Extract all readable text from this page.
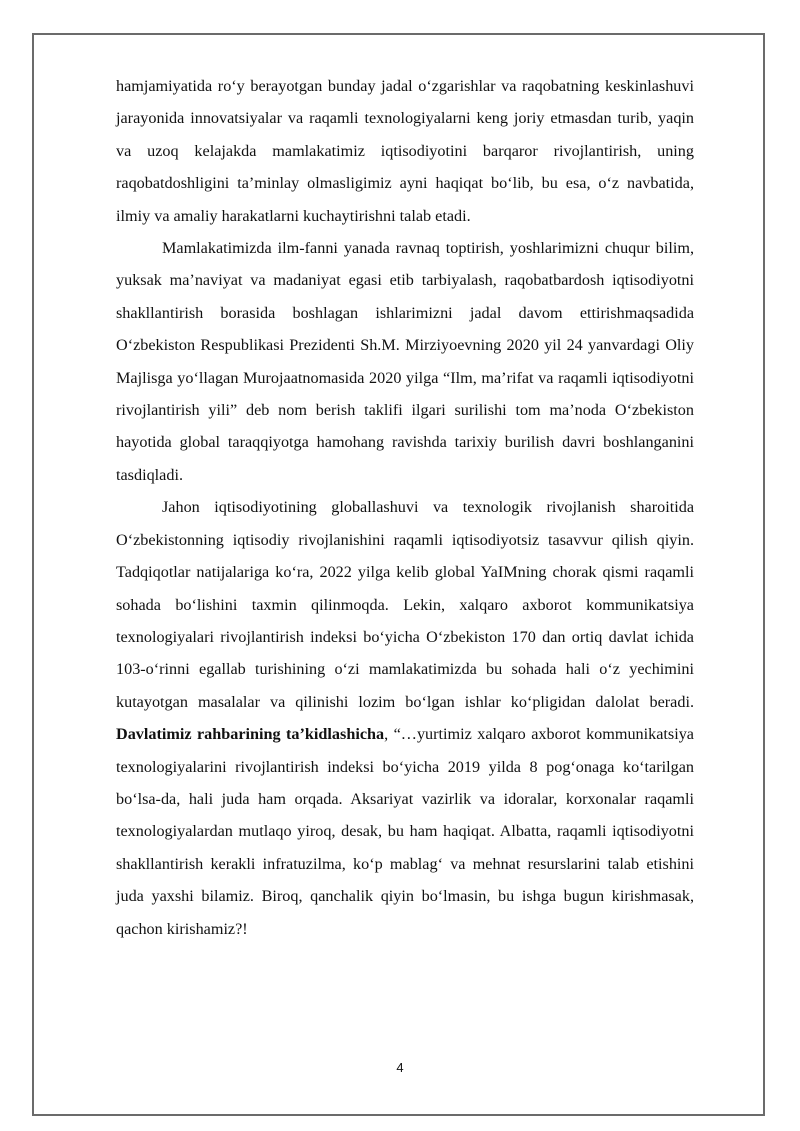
hamjamiyatida ro‘y berayotgan bunday jadal o‘zgarishlar va raqobatning keskinlashuvi jarayonida innovatsiyalar va raqamli texnologiyalarni keng joriy etmasdan turib, yaqin va uzoq kelajakda mamlakatimiz iqtisodiyotini barqaror rivojlantirish, uning raqobatdoshligini ta’minlay olmasligimiz ayni haqiqat bo‘lib, bu esa, o‘z navbatida, ilmiy va amaliy harakatlarni kuchaytirishni talab etadi.

Mamlakatimizda ilm-fanni yanada ravnaq toptirish, yoshlarimizni chuqur bilim, yuksak ma’naviyat va madaniyat egasi etib tarbiyalash, raqobatbardosh iqtisodiyotni shakllantirish borasida boshlagan ishlarimizni jadal davom ettirishmaqsadida O‘zbekiston Respublikasi Prezidenti Sh.M. Mirziyoevning 2020 yil 24 yanvardagi Oliy Majlisga yo‘llagan Murojaatnomasida 2020 yilga “Ilm, ma’rifat va raqamli iqtisodiyotni rivojlantirish yili” deb nom berish taklifi ilgari surilishi tom ma’noda O‘zbekiston hayotida global taraqqiyotga hamohang ravishda tarixiy burilish davri boshlanganini tasdiqladi.

Jahon iqtisodiyotining globallashuvi va texnologik rivojlanish sharoitida O‘zbekistonning iqtisodiy rivojlanishini raqamli iqtisodiyotsiz tasavvur qilish qiyin. Tadqiqotlar natijalariga ko‘ra, 2022 yilga kelib global YaIMning chorak qismi raqamli sohada bo‘lishini taxmin qilinmoqda. Lekin, xalqaro axborot kommunikatsiya texnologiyalari rivojlantirish indeksi bo‘yicha O‘zbekiston 170 dan ortiq davlat ichida 103-o‘rinni egallab turishining o‘zi mamlakatimizda bu sohada hali o‘z yechimini kutayotgan masalalar va qilinishi lozim bo‘lgan ishlar ko‘pligidan dalolat beradi. Davlatimiz rahbarining ta’kidlashicha, “…yurtimiz xalqaro axborot kommunikatsiya texnologiyalarini rivojlantirish indeksi bo‘yicha 2019 yilda 8 pog‘onaga ko‘tarilgan bo‘lsa-da, hali juda ham orqada. Aksariyat vazirlik va idoralar, korxonalar raqamli texnologiyalardan mutlaqo yiroq, desak, bu ham haqiqat. Albatta, raqamli iqtisodiyotni shakllantirish kerakli infratuzilma, ko‘p mablag‘ va mehnat resurslarini talab etishini juda yaxshi bilamiz. Biroq, qanchalik qiyin bo‘lmasin, bu ishga bugun kirishmasak, qachon kirishamiz?!

4
